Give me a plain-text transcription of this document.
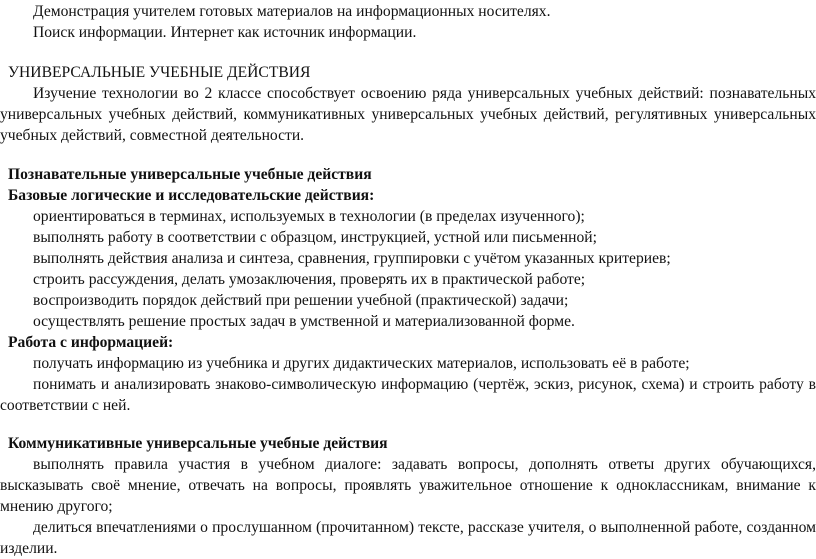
Демонстрация учителем готовых материалов на информационных носителях.
Поиск информации. Интернет как источник информации.
УНИВЕРСАЛЬНЫЕ УЧЕБНЫЕ ДЕЙСТВИЯ
Изучение технологии во 2 классе способствует освоению ряда универсальных учебных действий: познавательных универсальных учебных действий, коммуникативных универсальных учебных действий, регулятивных универсальных учебных действий, совместной деятельности.
Познавательные универсальные учебные действия
Базовые логические и исследовательские действия:
ориентироваться в терминах, используемых в технологии (в пределах изученного);
выполнять работу в соответствии с образцом, инструкцией, устной или письменной;
выполнять действия анализа и синтеза, сравнения, группировки с учётом указанных критериев;
строить рассуждения, делать умозаключения, проверять их в практической работе;
воспроизводить порядок действий при решении учебной (практической) задачи;
осуществлять решение простых задач в умственной и материализованной форме.
Работа с информацией:
получать информацию из учебника и других дидактических материалов, использовать её в работе;
понимать и анализировать знаково-символическую информацию (чертёж, эскиз, рисунок, схема) и строить работу в соответствии с ней.
Коммуникативные универсальные учебные действия
выполнять правила участия в учебном диалоге: задавать вопросы, дополнять ответы других обучающихся, высказывать своё мнение, отвечать на вопросы, проявлять уважительное отношение к одноклассникам, внимание к мнению другого;
делиться впечатлениями о прослушанном (прочитанном) тексте, рассказе учителя, о выполненной работе, созданном изделии.
